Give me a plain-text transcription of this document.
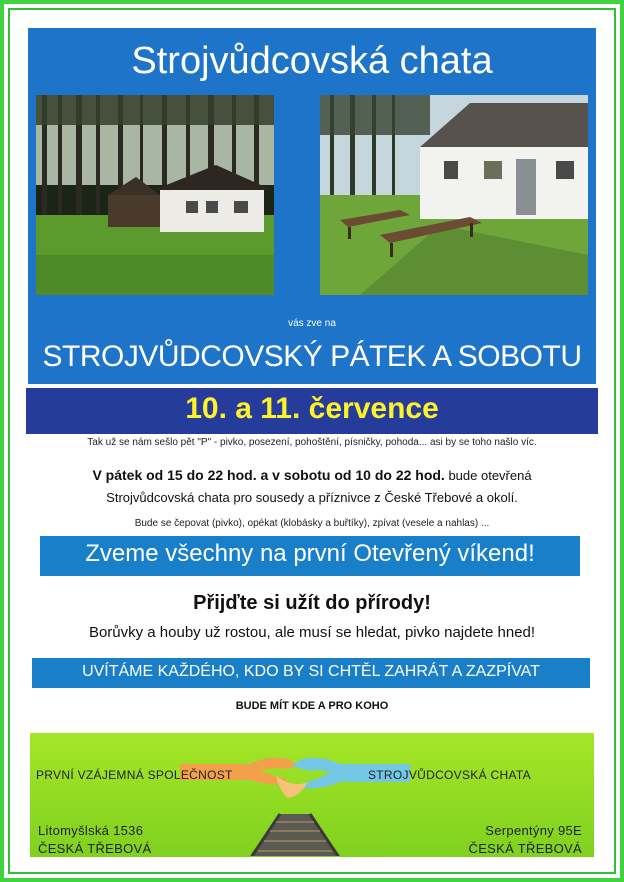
Strojvůdcovská chata
vás zve na
STROJVŮDCOVSKÝ PÁTEK A SOBOTU
10. a 11. července
Tak už se nám sešlo pět "P" - pivko, posezení, pohoštění, písničky, pohoda... asi by se toho našlo víc.
V pátek od 15 do 22 hod. a v sobotu od 10 do 22 hod. bude otevřená
Strojvůdcovská chata pro sousedy a příznivce z České Třebové a okolí.
Bude se čepovat (pivko), opékat (klobásky a buřtíky), zpívat (vesele a nahlas) ...
Zveme všechny na první Otevřený víkend!
Přijďte si užít do přírody!
Borůvky a houby už rostou, ale musí se hledat, pivko najdete hned!
UVÍTÁME KAŽDÉHO, KDO BY SI CHTĚL ZAHRÁT A ZAZPÍVAT
BUDE MÍT KDE A PRO KOHO
PRVNÍ VZÁJEMNÁ SPOLEČNOST	STROJVŮDCOVSKÁ CHATA
Litomyšlská 1536
ČESKÁ TŘEBOVÁ
Serpentýny 95E
ČESKÁ TŘEBOVÁ
